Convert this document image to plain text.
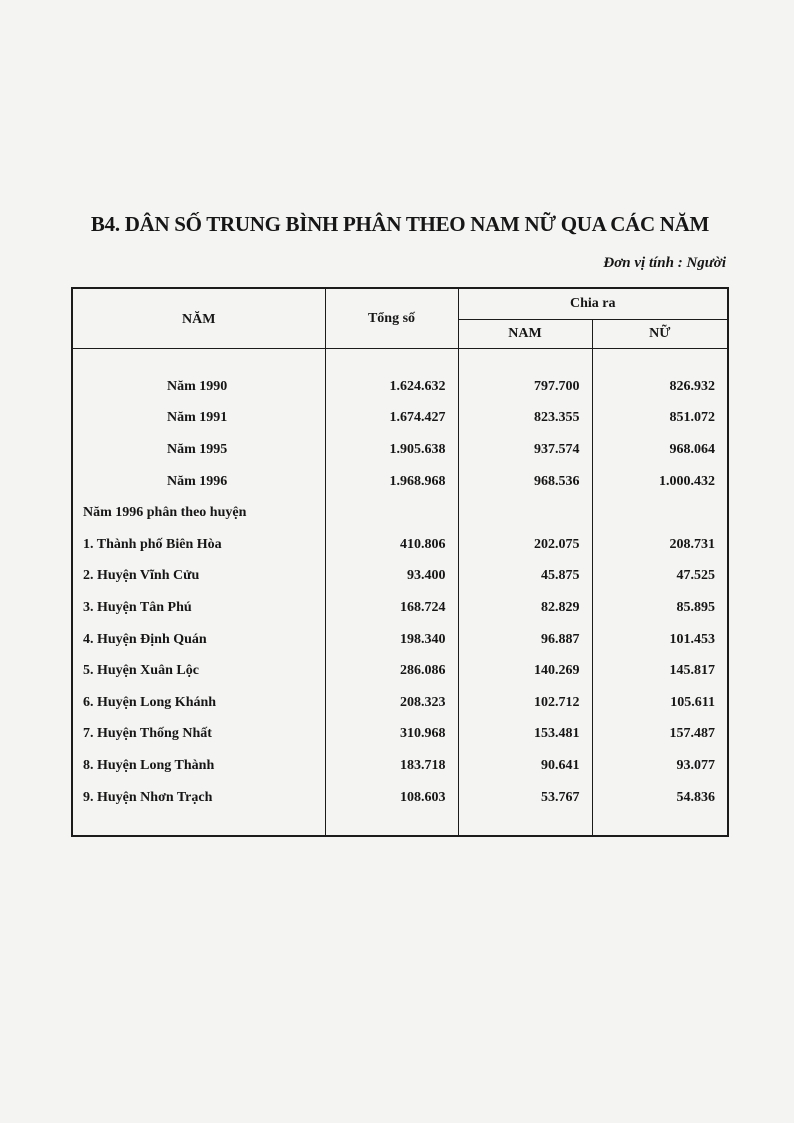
B4. DÂN SỐ TRUNG BÌNH PHÂN THEO NAM NỮ QUA CÁC NĂM
Đơn vị tính : Người
NĂM	Tổng số	Chia ra	
		NAM	NỮ
Năm 1990	1.624.632	797.700	826.932
Năm 1991	1.674.427	823.355	851.072
Năm 1995	1.905.638	937.574	968.064
Năm 1996	1.968.968	968.536	1.000.432
Năm 1996 phân theo huyện			
1. Thành phố Biên Hòa	410.806	202.075	208.731
2. Huyện Vĩnh Cửu	93.400	45.875	47.525
3. Huyện Tân Phú	168.724	82.829	85.895
4. Huyện Định Quán	198.340	96.887	101.453
5. Huyện Xuân Lộc	286.086	140.269	145.817
6. Huyện Long Khánh	208.323	102.712	105.611
7. Huyện Thống Nhất	310.968	153.481	157.487
8. Huyện Long Thành	183.718	90.641	93.077
9. Huyện Nhơn Trạch	108.603	53.767	54.836
